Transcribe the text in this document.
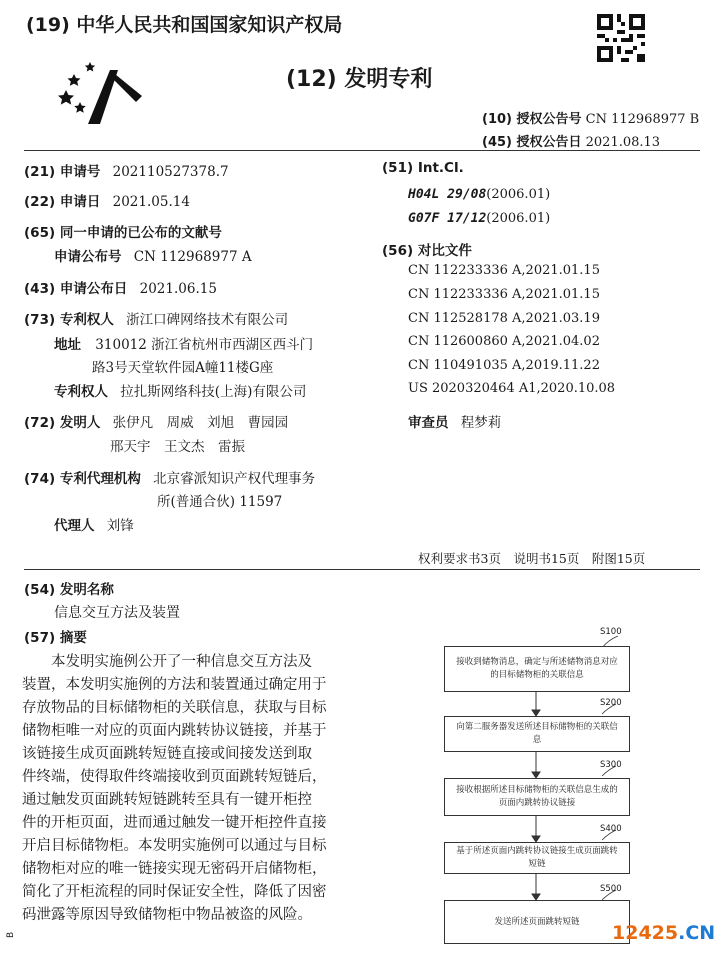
(19) 中华人民共和国国家知识产权局
(12) 发明专利
(10) 授权公告号 CN 112968977 B
(45) 授权公告日 2021.08.13
(21) 申请号 202110527378.7
(22) 申请日 2021.05.14
(65) 同一申请的已公布的文献号
申请公布号 CN 112968977 A
(43) 申请公布日 2021.06.15
(73) 专利权人 浙江口碑网络技术有限公司
地址 310012 浙江省杭州市西湖区西斗门
路3号天堂软件园A幢11楼G座
专利权人 拉扎斯网络科技(上海)有限公司
(72) 发明人 张伊凡　周威　刘旭　曹园园
邢天宇　王文杰　雷振
(74) 专利代理机构 北京睿派知识产权代理事务
所(普通合伙) 11597
代理人 刘锋
(51) Int.Cl.
H04L 29/08(2006.01)
G07F 17/12(2006.01)
(56) 对比文件
CN 112233336 A,2021.01.15
CN 112233336 A,2021.01.15
CN 112528178 A,2021.03.19
CN 112600860 A,2021.04.02
CN 110491035 A,2019.11.22
US 2020320464 A1,2020.10.08
审查员 程梦莉
权利要求书3页　说明书15页　附图15页
(54) 发明名称
信息交互方法及装置
(57) 摘要
　　本发明实施例公开了一种信息交互方法及
装置，本发明实施例的方法和装置通过确定用于
存放物品的目标储物柜的关联信息，获取与目标
储物柜唯一对应的页面内跳转协议链接，并基于
该链接生成页面跳转短链直接或间接发送到取
件终端，使得取件终端接收到页面跳转短链后，
通过触发页面跳转短链跳转至具有一键开柜控
件的开柜页面，进而通过触发一键开柜控件直接
开启目标储物柜。本发明实施例可以通过与目标
储物柜对应的唯一链接实现无密码开启储物柜，
简化了开柜流程的同时保证安全性，降低了因密
码泄露等原因导致储物柜中物品被盗的风险。
S100
接收到储物消息，确定与所述储物消息对应的目标储物柜的关联信息
S200
向第二服务器发送所述目标储物柜的关联信息
S300
接收根据所述目标储物柜的关联信息生成的页面内跳转协议链接
S400
基于所述页面内跳转协议链接生成页面跳转短链
S500
发送所述页面跳转短链
B	12425.CN
